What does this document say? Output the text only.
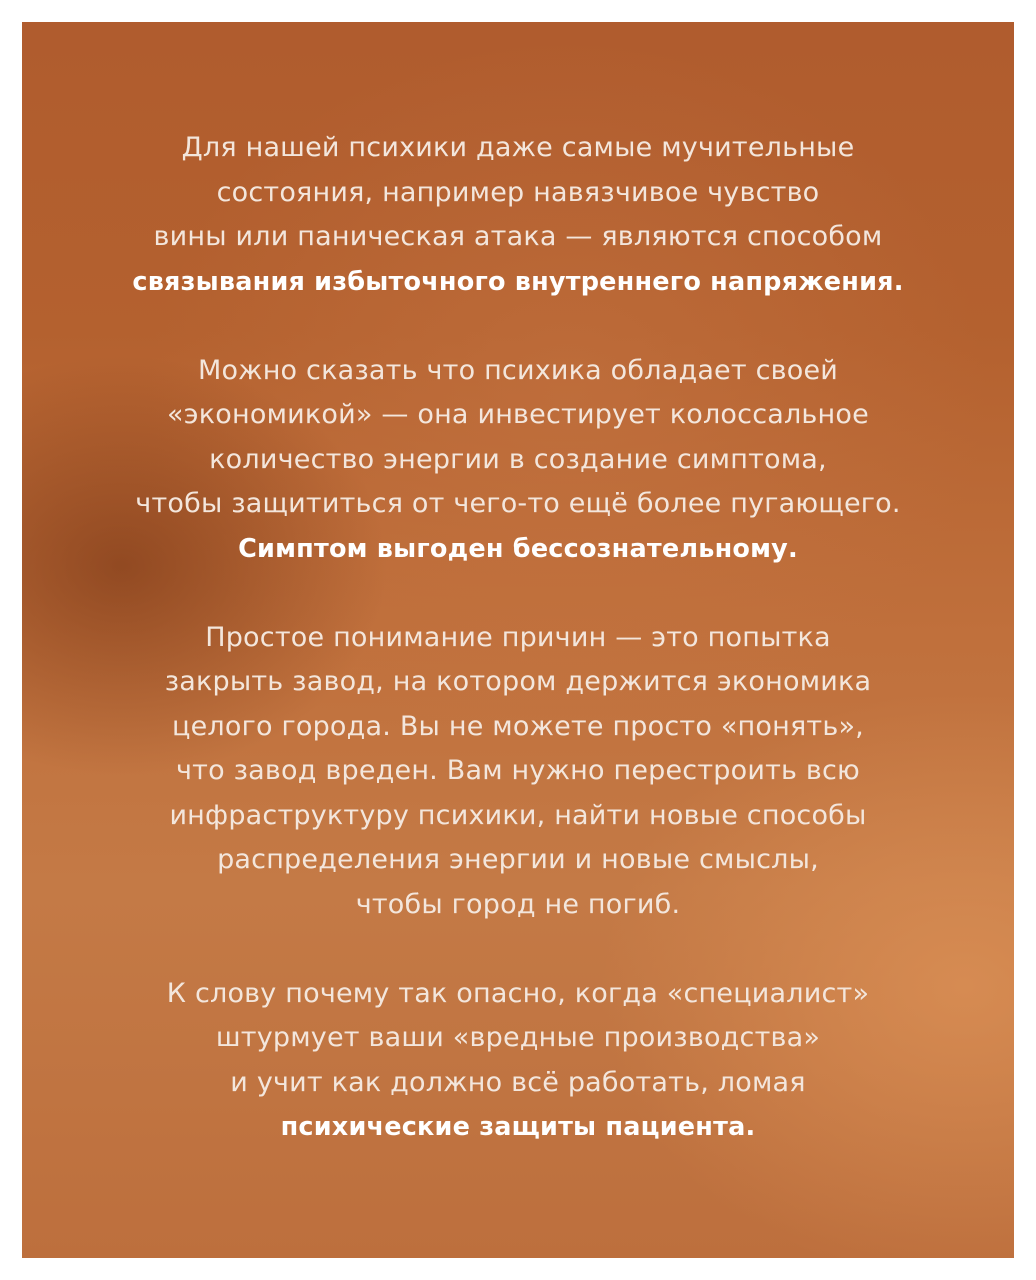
Для нашей психики даже самые мучительные
состояния, например навязчивое чувство
вины или паническая атака — являются способом
связывания избыточного внутреннего напряжения.
Можно сказать что психика обладает своей
«экономикой» — она инвестирует колоссальное
количество энергии в создание симптома,
чтобы защититься от чего-то ещё более пугающего.
Симптом выгоден бессознательному.
Простое понимание причин — это попытка
закрыть завод, на котором держится экономика
целого города. Вы не можете просто «понять»,
что завод вреден. Вам нужно перестроить всю
инфраструктуру психики, найти новые способы
распределения энергии и новые смыслы,
чтобы город не погиб.
К слову почему так опасно, когда «специалист»
штурмует ваши «вредные производства»
и учит как должно всё работать, ломая
психические защиты пациента.
